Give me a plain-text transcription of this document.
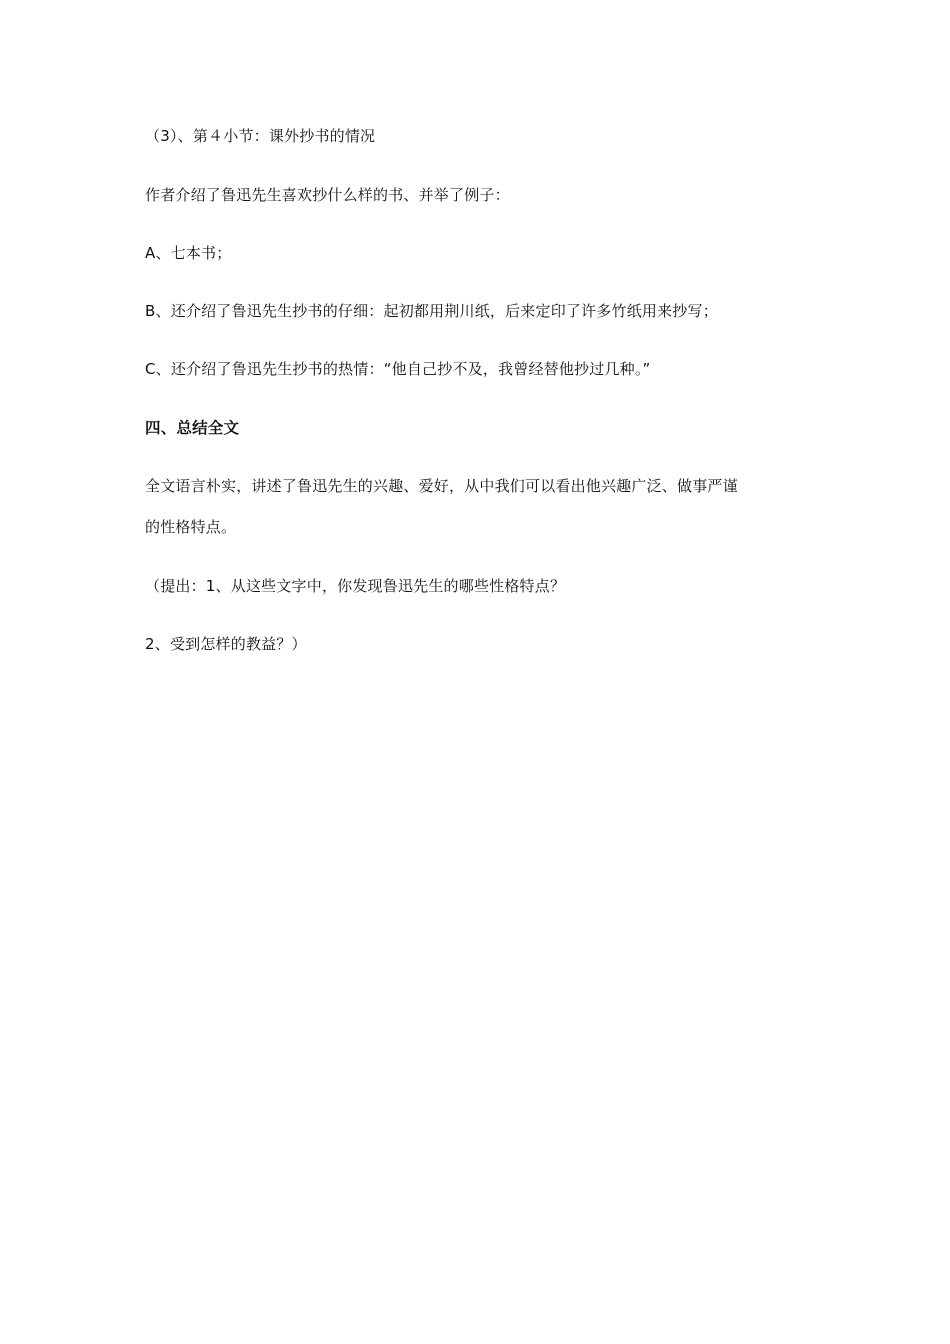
（3）、第４小节：课外抄书的情况
作者介绍了鲁迅先生喜欢抄什么样的书、并举了例子：
A、七本书；
B、还介绍了鲁迅先生抄书的仔细：起初都用荆川纸，后来定印了许多竹纸用来抄写；
C、还介绍了鲁迅先生抄书的热情：“他自己抄不及，我曾经替他抄过几种。”
四、总结全文
全文语言朴实，讲述了鲁迅先生的兴趣、爱好，从中我们可以看出他兴趣广泛、做事严谨
的性格特点。
（提出：1、从这些文字中，你发现鲁迅先生的哪些性格特点？
2、受到怎样的教益？）
